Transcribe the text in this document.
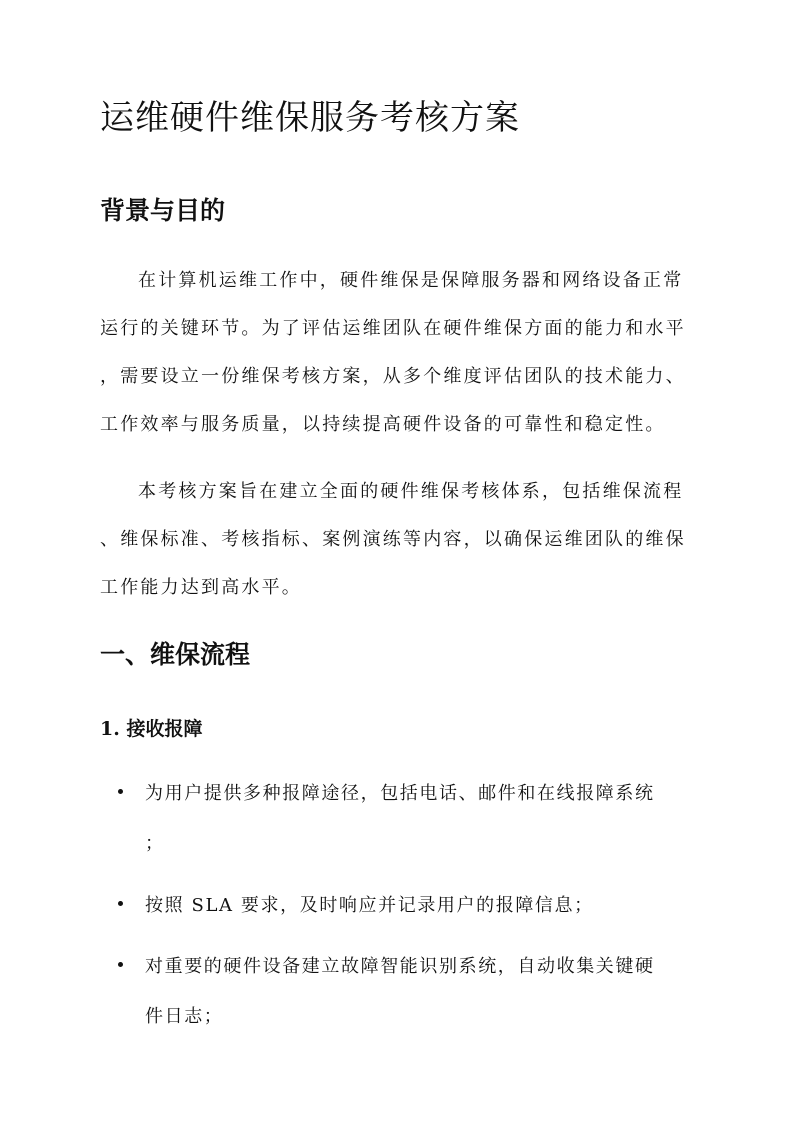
运维硬件维保服务考核方案
背景与目的
在计算机运维工作中，硬件维保是保障服务器和网络设备正常
运行的关键环节。为了评估运维团队在硬件维保方面的能力和水平
，需要设立一份维保考核方案，从多个维度评估团队的技术能力、
工作效率与服务质量，以持续提高硬件设备的可靠性和稳定性。
本考核方案旨在建立全面的硬件维保考核体系，包括维保流程
、维保标准、考核指标、案例演练等内容，以确保运维团队的维保
工作能力达到高水平。
一、维保流程
1. 接收报障
为用户提供多种报障途径，包括电话、邮件和在线报障系统
；
按照 SLA 要求，及时响应并记录用户的报障信息；
对重要的硬件设备建立故障智能识别系统，自动收集关键硬
件日志；
